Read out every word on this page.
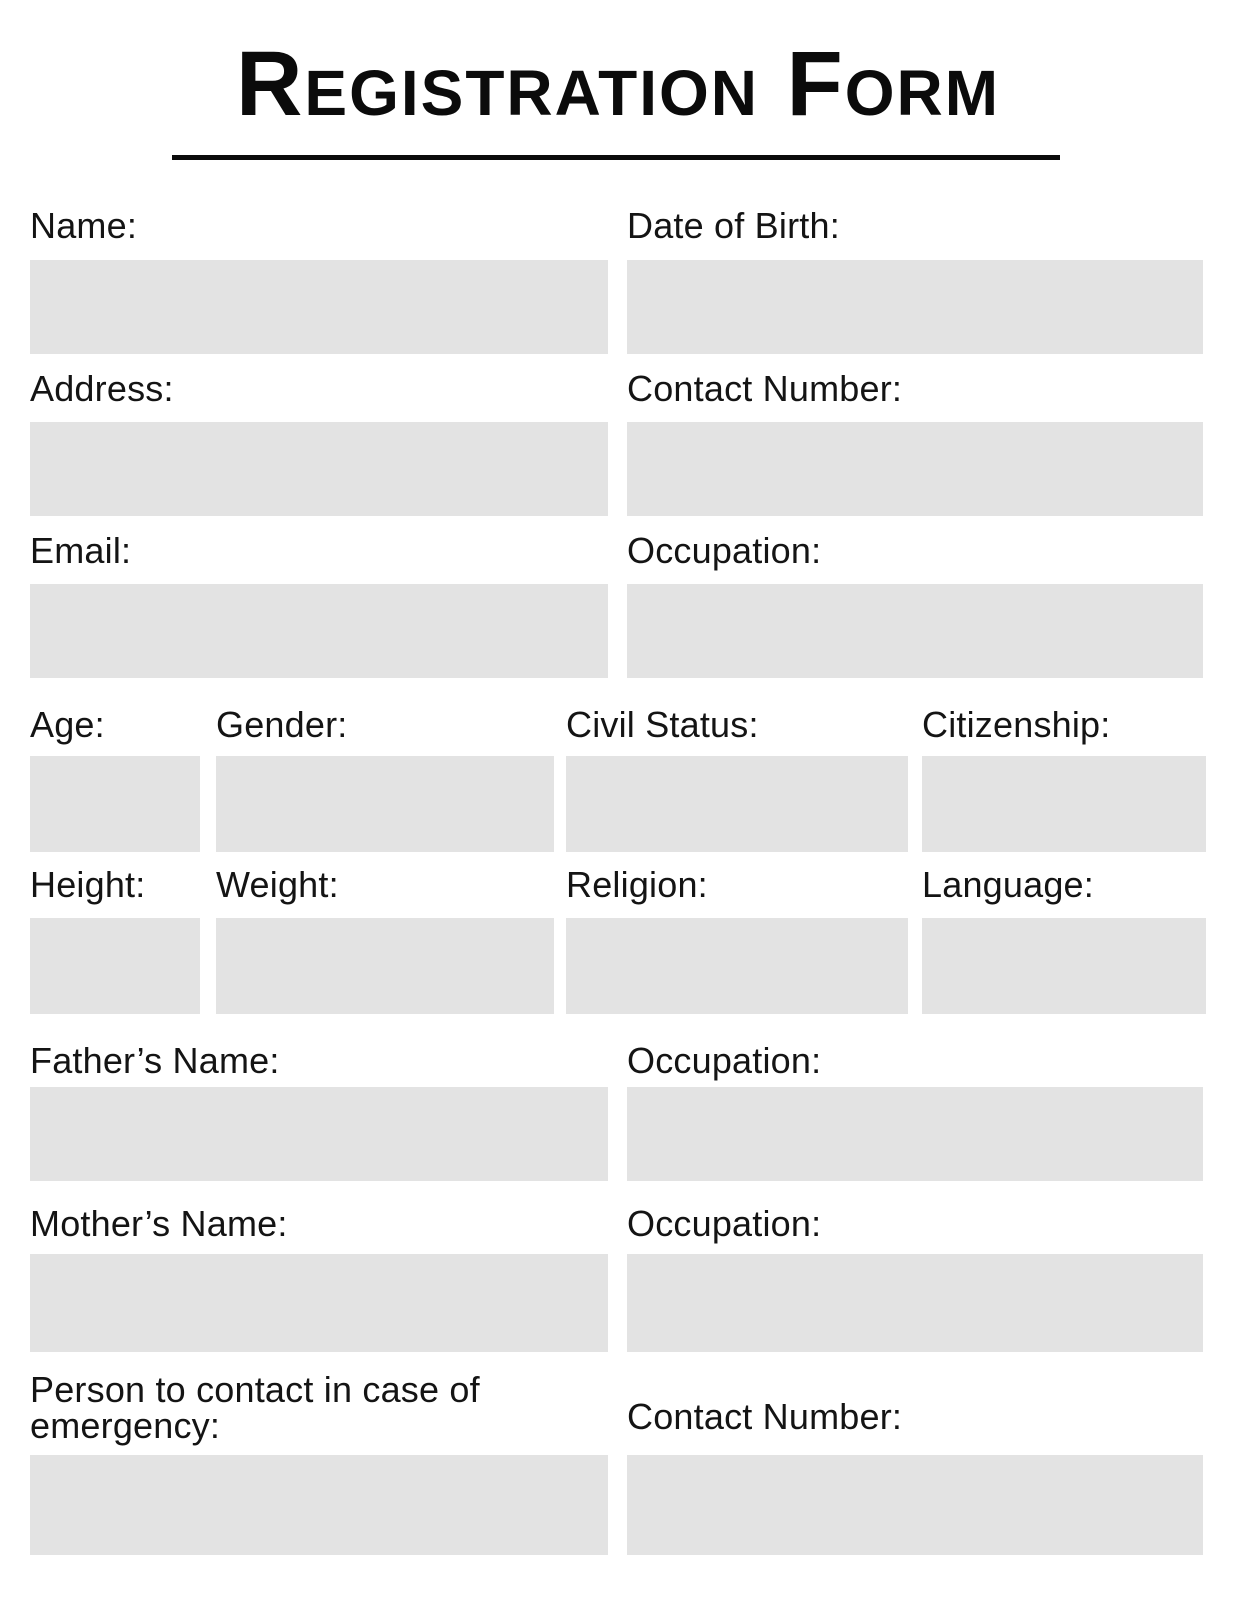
Registration Form
Name:	Date of Birth:
Address:	Contact Number:
Email:	Occupation:
Age:	Gender:	Civil Status:	Citizenship:
Height: Weight:	Religion:	Language:
Father’s Name:	Occupation:
Mother’s Name:	Occupation:
Person to contact in case of emergency:	Contact Number:
